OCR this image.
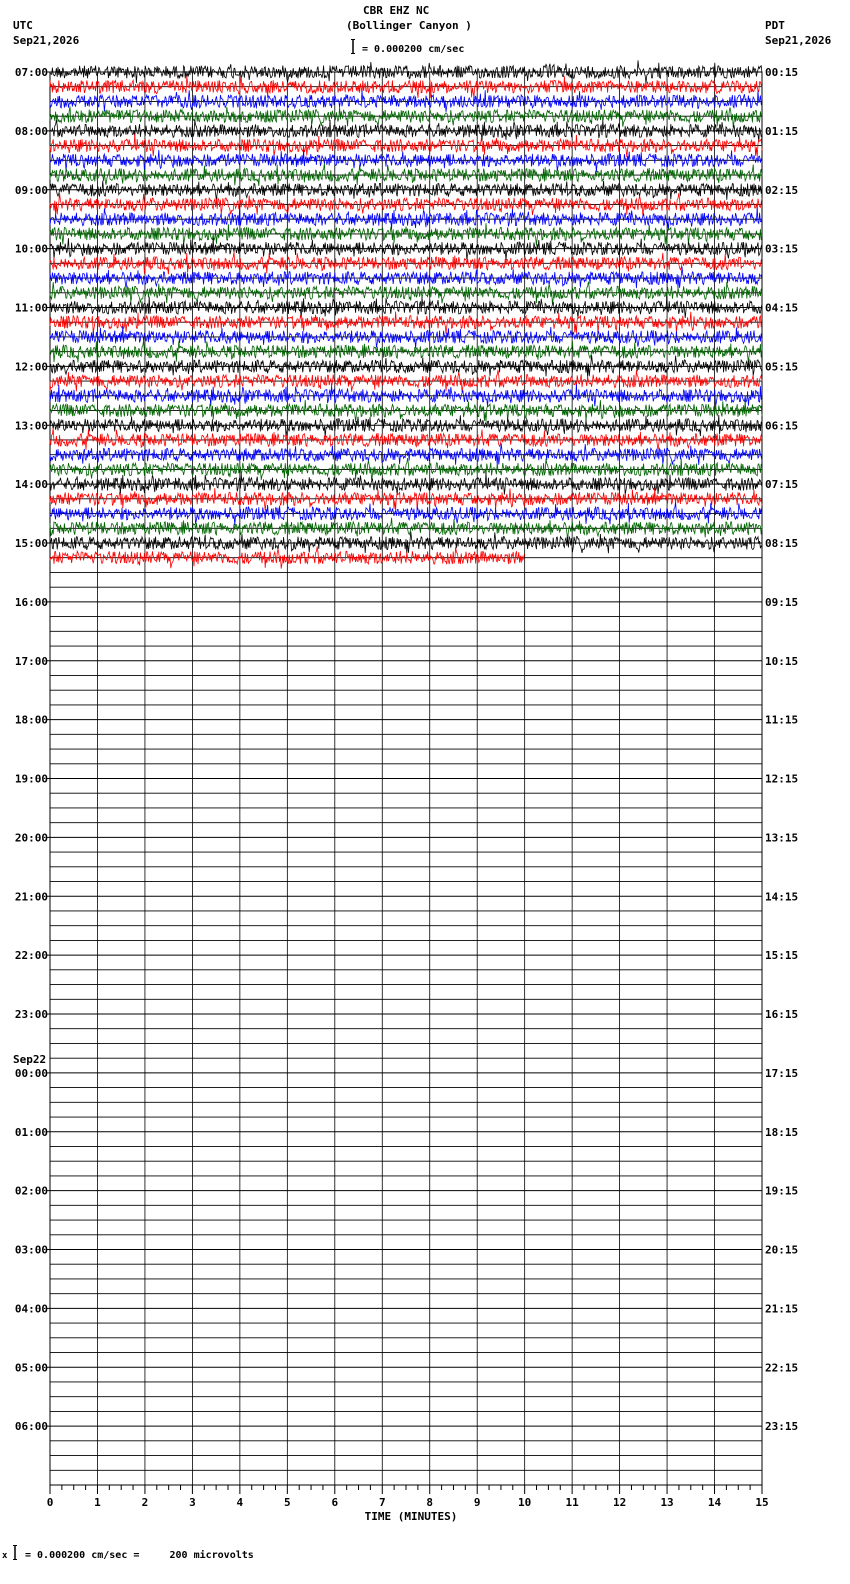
CBR EHZ NC
(Bollinger Canyon )
= 0.000200 cm/sec
UTC
Sep21,2026
PDT
Sep21,2026
07:00
08:00
09:00
10:00
11:00
12:00
13:00
14:00
15:00
16:00
17:00
18:00
19:00
20:00
21:00
22:00
23:00
00:00
01:00
02:00
03:00
04:00
05:00
06:00
Sep22
00:15
01:15
02:15
03:15
04:15
05:15
06:15
07:15
08:15
09:15
10:15
11:15
12:15
13:15
14:15
15:15
16:15
17:15
18:15
19:15
20:15
21:15
22:15
23:15
0	1	2	3	4	5	6	7	8	9	10	11	12	13	14	15
TIME (MINUTES)
x = 0.000200 cm/sec =     200 microvolts
